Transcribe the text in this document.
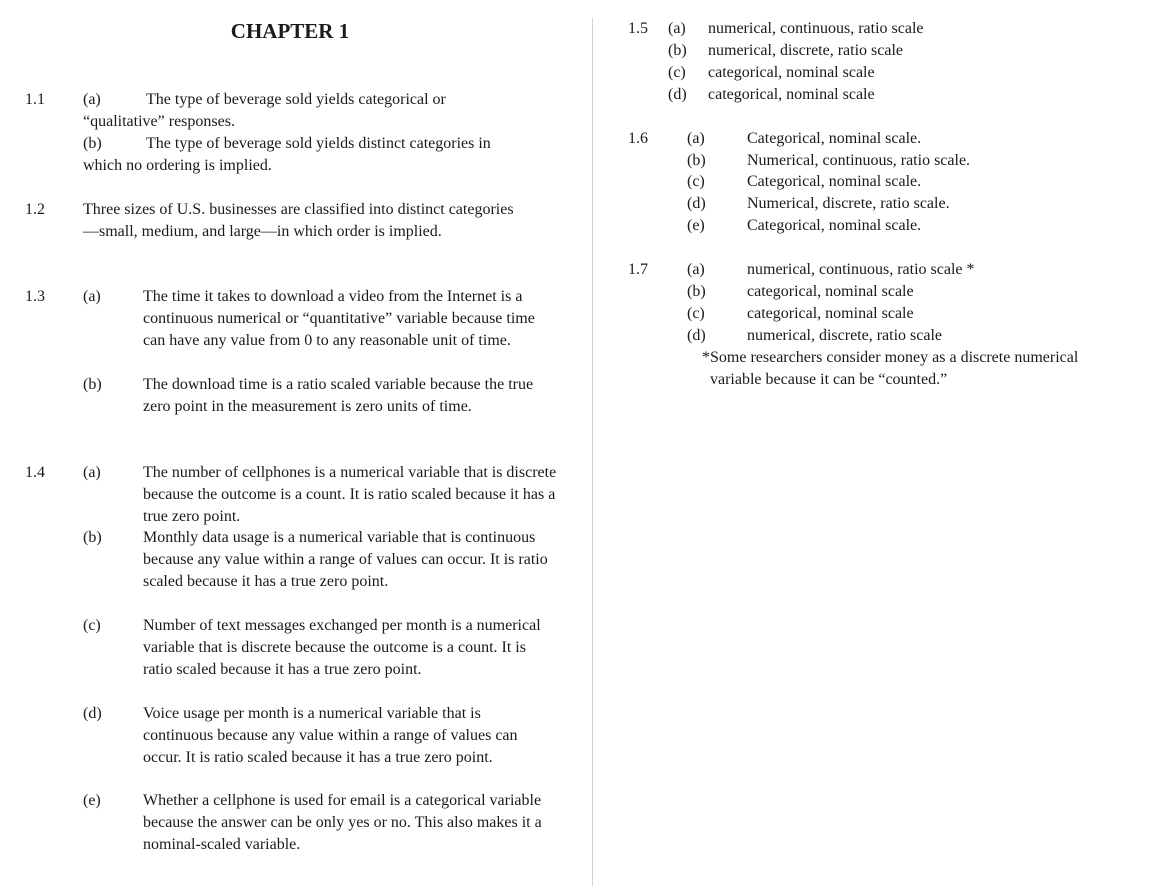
CHAPTER 1
1.1 (a)	The type of beverage sold yields categorical or
“qualitative” responses.
(b)	The type of beverage sold yields distinct categories in
which no ordering is implied.
1.2 Three sizes of U.S. businesses are classified into distinct categories—small, medium, and large—in which order is implied.
1.3 (a)	The time it takes to download a video from the Internet is a continuous numerical or “quantitative” variable because time can have any value from 0 to any reasonable unit of time.
(b)	The download time is a ratio scaled variable because the true zero point in the measurement is zero units of time.
1.4 (a)	The number of cellphones is a numerical variable that is discrete because the outcome is a count. It is ratio scaled because it has a true zero point.
(b)	Monthly data usage is a numerical variable that is continuous because any value within a range of values can occur. It is ratio scaled because it has a true zero point.
(c)	Number of text messages exchanged per month is a numerical variable that is discrete because the outcome is a count. It is ratio scaled because it has a true zero point.
(d)	Voice usage per month is a numerical variable that is continuous because any value within a range of values can occur. It is ratio scaled because it has a true zero point.
(e)	Whether a cellphone is used for email is a categorical variable because the answer can be only yes or no. This also makes it a nominal-scaled variable.
1.5 (a) numerical, continuous, ratio scale
(b) numerical, discrete, ratio scale
(c) categorical, nominal scale
(d) categorical, nominal scale
1.6 (a)	Categorical, nominal scale.
(b)	Numerical, continuous, ratio scale.
(c)	Categorical, nominal scale.
(d)	Numerical, discrete, ratio scale.
(e)	Categorical, nominal scale.
1.7 (a)	numerical, continuous, ratio scale *
(b)	categorical, nominal scale
(c)	categorical, nominal scale
(d)	numerical, discrete, ratio scale
*Some researchers consider money as a discrete numerical
variable because it can be “counted.”
